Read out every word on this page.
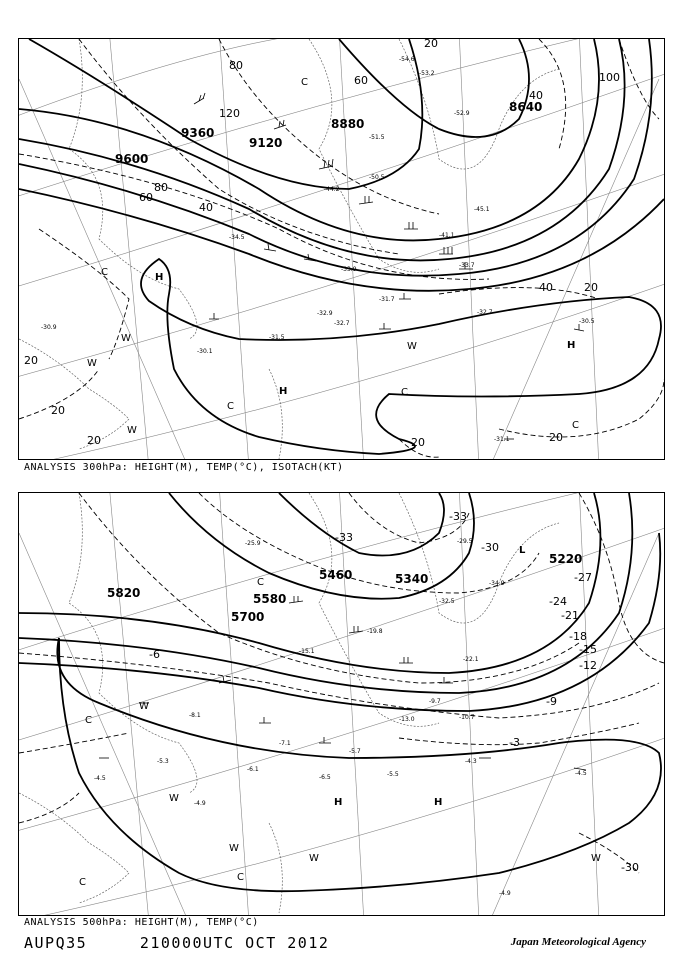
9600
9360
9120
8880
8640
20
40
60
80
100
120
40
60
80
20
40
20
20
20	20	20
H
H
H
C
C
C
C
C
W
W
W
W
-30.9
-30.1
-31.5
-32.7
-32.9
-31.7
-33.7
-34.5	-41.1
-44.2
-50.5
-52.9
-54.6
-53.2
-51.5
-30.5
-31.1
-32.7
-33.9
-45.1
ANALYSIS 300hPa: HEIGHT(M), TEMP(°C), ISOTACH(KT)
5820
5700
5580
5460	5340
5220
-33
-30
-27
-24
-21
-18
-15
-12
-9
-6
-3
-33
-30
H	H
C
C
C	C
L
W
W
W
W	W
-4.5
-5.3
-4.9
-5.5
-5.7
-6.1
-6.5
-7.1
-8.1
-9.7
-10.7
-13.0
-15.1
-19.8
-22.1
-25.9	-29.5
-32.5
-34.9
-4.3
-4.5
-4.9
ANALYSIS 500hPa: HEIGHT(M), TEMP(°C)
AUPQ35	210000UTC OCT 2012	Japan Meteorological Agency
